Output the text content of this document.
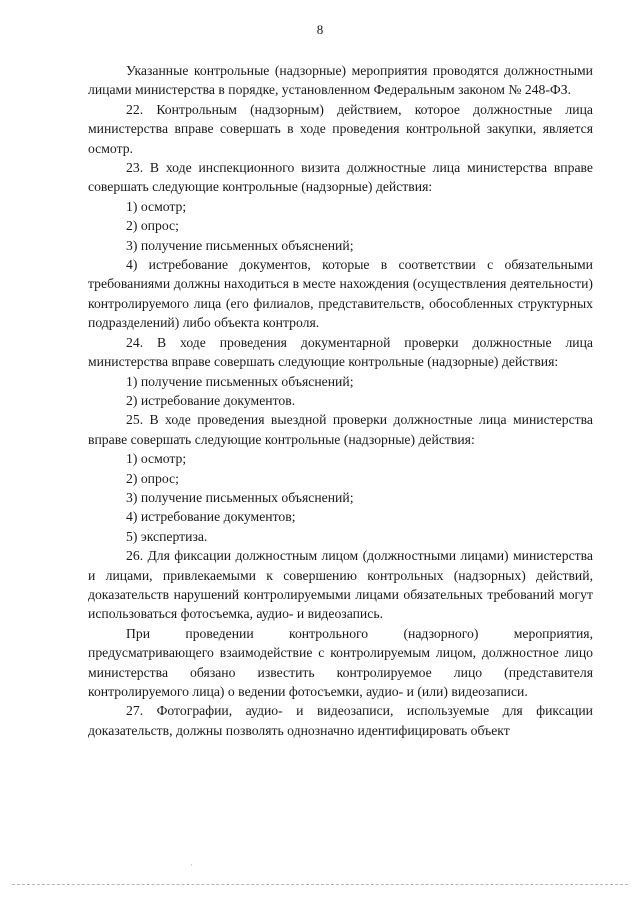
8

Указанные контрольные (надзорные) мероприятия проводятся должностными лицами министерства в порядке, установленном Федеральным законом № 248-ФЗ.

22. Контрольным (надзорным) действием, которое должностные лица министерства вправе совершать в ходе проведения контрольной закупки, является осмотр.

23. В ходе инспекционного визита должностные лица министерства вправе совершать следующие контрольные (надзорные) действия:

1) осмотр;

2) опрос;

3) получение письменных объяснений;

4) истребование документов, которые в соответствии с обязательными требованиями должны находиться в месте нахождения (осуществления деятельности) контролируемого лица (его филиалов, представительств, обособленных структурных подразделений) либо объекта контроля.

24. В ходе проведения документарной проверки должностные лица министерства вправе совершать следующие контрольные (надзорные) действия:

1) получение письменных объяснений;

2) истребование документов.

25. В ходе проведения выездной проверки должностные лица министерства вправе совершать следующие контрольные (надзорные) действия:

1) осмотр;

2) опрос;

3) получение письменных объяснений;

4) истребование документов;

5) экспертиза.

26. Для фиксации должностным лицом (должностными лицами) министерства и лицами, привлекаемыми к совершению контрольных (надзорных) действий, доказательств нарушений контролируемыми лицами обязательных требований могут использоваться фотосъемка, аудио- и видеозапись.

При проведении контрольного (надзорного) мероприятия, предусматривающего взаимодействие с контролируемым лицом, должностное лицо министерства обязано известить контролируемое лицо (представителя контролируемого лица) о ведении фотосъемки, аудио- и (или) видеозаписи.

27. Фотографии, аудио- и видеозаписи, используемые для фиксации доказательств, должны позволять однозначно идентифицировать объект

·
